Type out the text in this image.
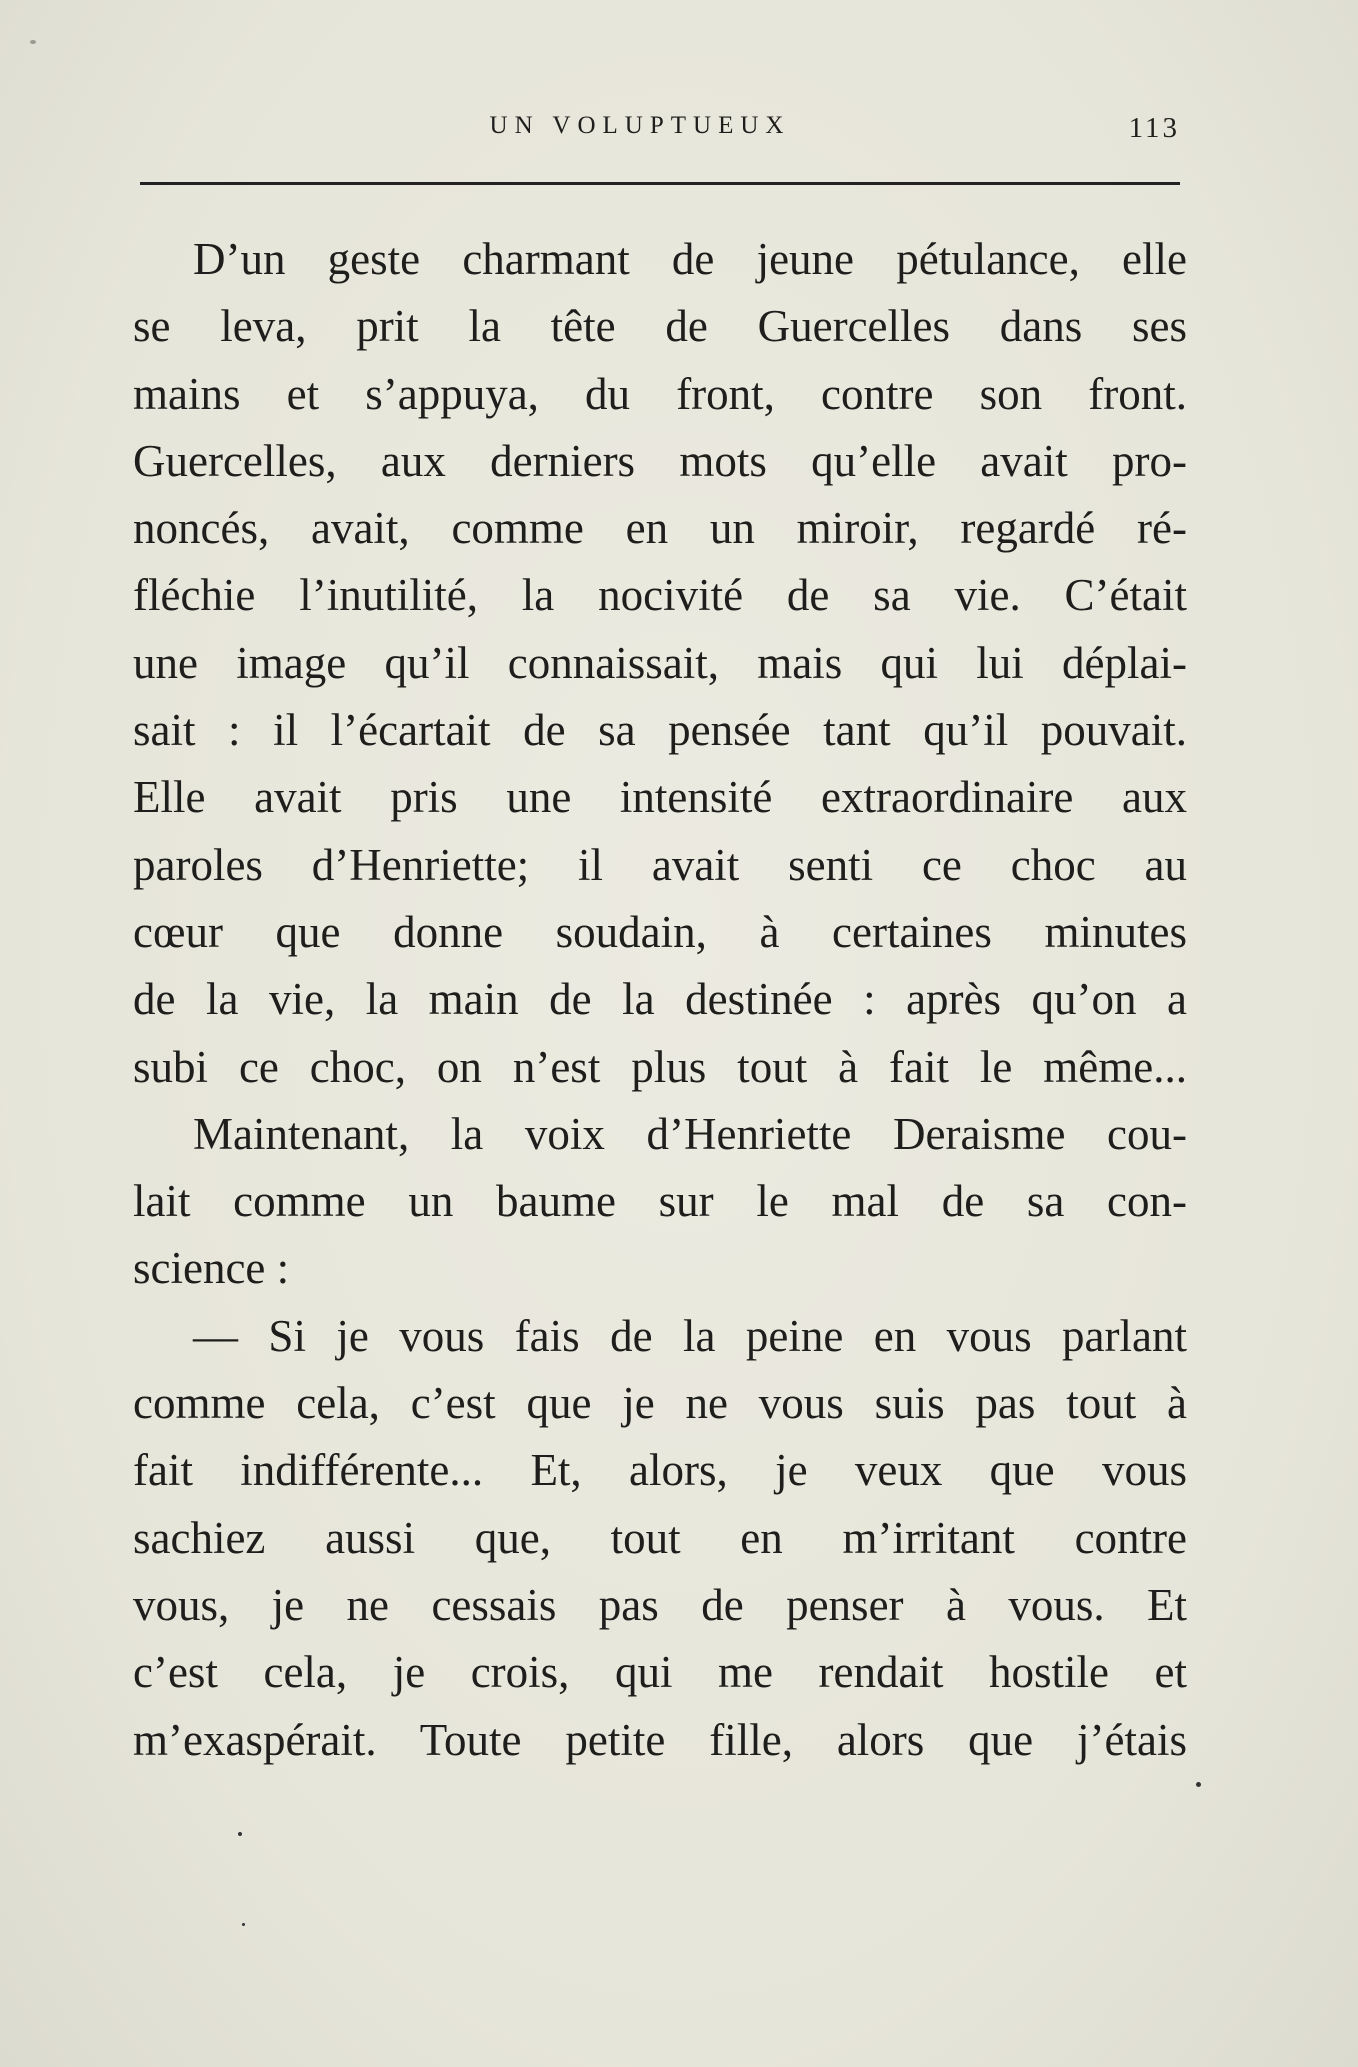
UN VOLUPTUEUX	113
D’un geste charmant de jeune pétulance, elle
se leva, prit la tête de Guercelles dans ses
mains et s’appuya, du front, contre son front.
Guercelles, aux derniers mots qu’elle avait pro-
noncés, avait, comme en un miroir, regardé ré-
fléchie l’inutilité, la nocivité de sa vie. C’était
une image qu’il connaissait, mais qui lui déplai-
sait : il l’écartait de sa pensée tant qu’il pouvait.
Elle avait pris une intensité extraordinaire aux
paroles d’Henriette; il avait senti ce choc au
cœur que donne soudain, à certaines minutes
de la vie, la main de la destinée : après qu’on a
subi ce choc, on n’est plus tout à fait le même...
Maintenant, la voix d’Henriette Deraisme cou-
lait comme un baume sur le mal de sa con-
science :
— Si je vous fais de la peine en vous parlant
comme cela, c’est que je ne vous suis pas tout à
fait indifférente... Et, alors, je veux que vous
sachiez aussi que, tout en m’irritant contre
vous, je ne cessais pas de penser à vous. Et
c’est cela, je crois, qui me rendait hostile et
m’exaspérait. Toute petite fille, alors que j’étais
